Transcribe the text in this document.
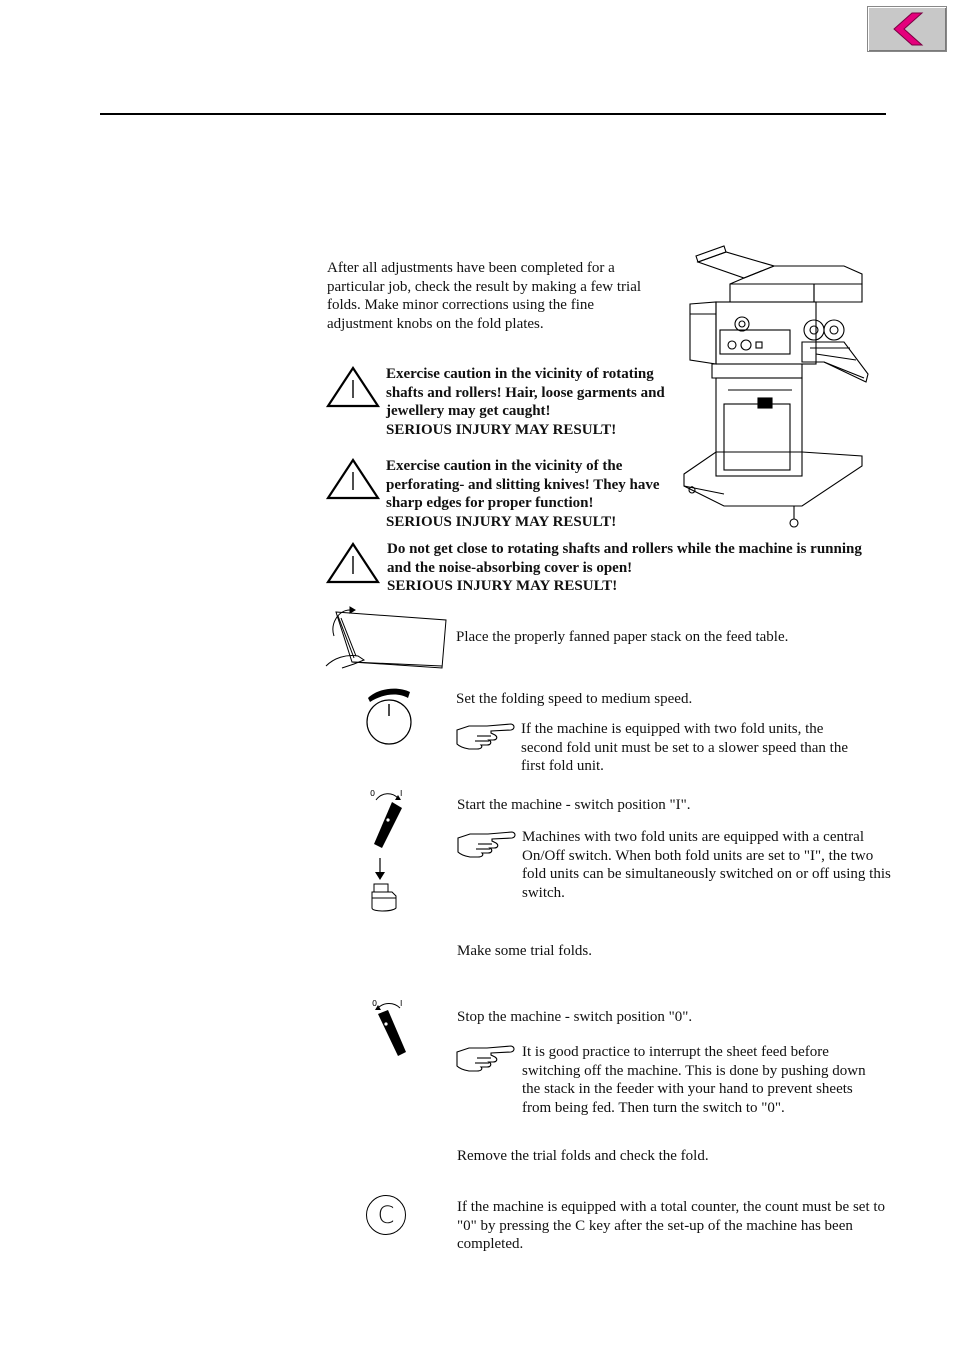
After all adjustments have been completed for a particular job, check the result by making a few trial folds. Make minor corrections using the fine adjustment knobs on the fold plates.
Exercise caution in the vicinity of rotating shafts and rollers! Hair, loose garments and jewellery may get caught!
SERIOUS INJURY MAY RESULT!
Exercise caution in the vicinity of the perforating- and slitting knives! They have sharp edges for proper function!
SERIOUS INJURY MAY RESULT!
Do not get close to rotating shafts and rollers while the machine is running and the noise-absorbing cover is open!
SERIOUS INJURY MAY RESULT!
Place the properly fanned paper stack on the feed table.
Set the folding speed to medium speed.
If the machine is equipped with two fold units, the second fold unit must be set to a slower speed than the first fold unit.
0	I
Start the machine - switch position "I".
Machines with two fold units are equipped with a central On/Off switch. When both fold units are set to "I", the two fold units can be simultaneously switched on or off using this switch.
Make some trial folds.
0	I
Stop the machine - switch position "0".
It is good practice to interrupt the sheet feed before switching off the machine. This is done by pushing down the stack in the feeder with your hand to prevent sheets from being fed. Then turn the switch to "0".
Remove the trial folds and check the fold.
C	If the machine is equipped with a total counter, the count must be set to "0" by pressing the C key after the set-up of the machine has been completed.
